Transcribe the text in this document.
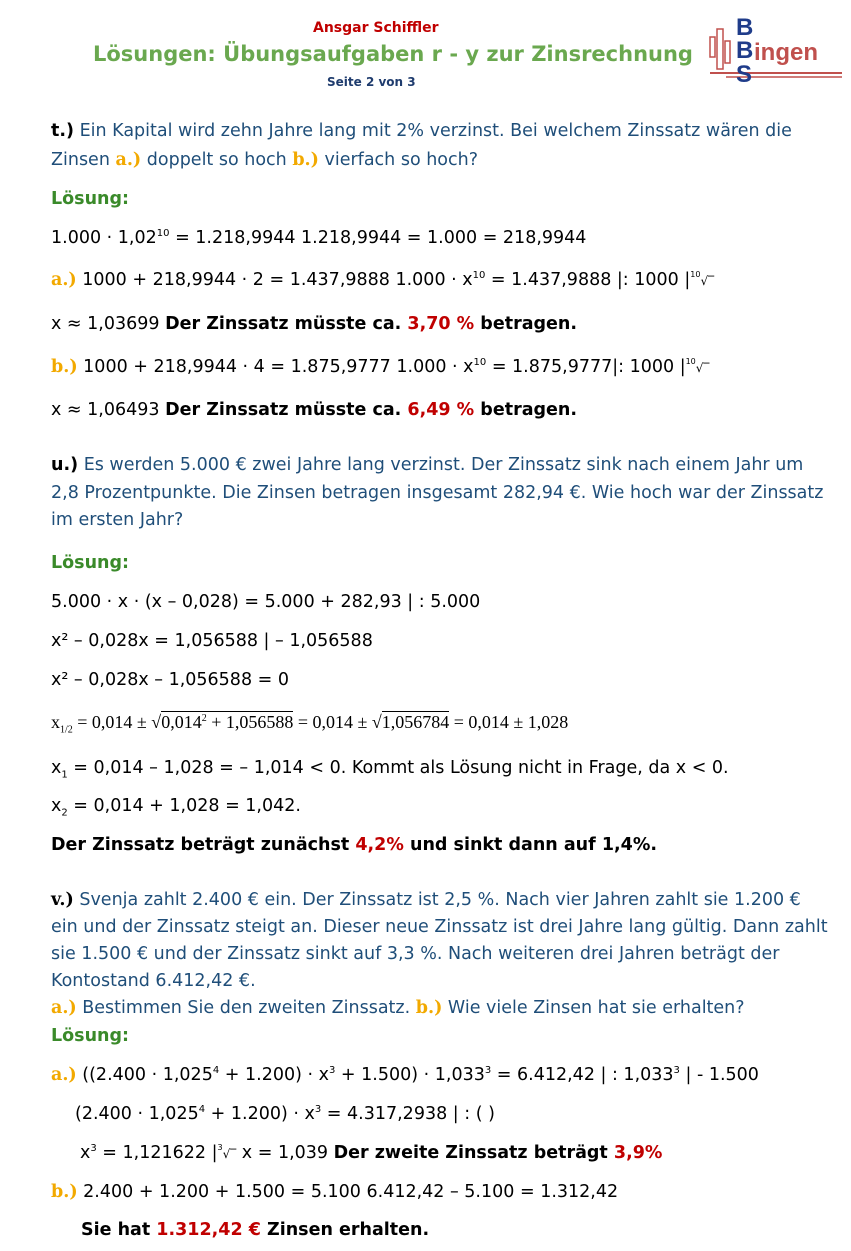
Ansgar Schiffler
Lösungen: Übungsaufgaben r - y zur Zinsrechnung
Seite 2 von 3
B
B
S
ingen
t.) Ein Kapital wird zehn Jahre lang mit 2% verzinst. Bei welchem Zinssatz wären die
Zinsen a.) doppelt so hoch b.) vierfach so hoch?
Lösung:
$1.000 \cdot 1,02^{10} = 1.218,9944$ 1.218,9944 = 1.000 = 218,9944
a.) 1000 + 218,9944 · 2 = 1.437,9888 $1.000 \cdot x^{10} = 1.437,9888$ |: 1000 $|^{10}√‾$
x ≈ 1,03699 Der Zinssatz müsste ca. 3,70 % betragen.
b.) 1000 + 218,9944 · 4 = 1.875,9777 $1.000 \cdot x^{10} = 1.875,9777|$: 1000 $|^{10}√‾$
x ≈ 1,06493 Der Zinssatz müsste ca. 6,49 % betragen.
u.) Es werden 5.000 € zwei Jahre lang verzinst. Der Zinssatz sink nach einem Jahr um
2,8 Prozentpunkte. Die Zinsen betragen insgesamt 282,94 €. Wie hoch war der Zinssatz
im ersten Jahr?
Lösung:
5.000 · x · (x – 0,028) = 5.000 + 282,93 | : 5.000
x² – 0,028x = 1,056588 | – 1,056588
x² – 0,028x – 1,056588 = 0
$x_{1/2} = 0,014 \pm √0,014^2 + 1,056588 = 0,014 \pm √1,056784 = 0,014 \pm 1,028$
$x_1 = 0,014 - 1,028$ = – 1,014 < 0. Kommt als Lösung nicht in Frage, da x < 0.
$x_2 = 0,014 + 1,028 = 1,042$.
Der Zinssatz beträgt zunächst 4,2% und sinkt dann auf 1,4%.
v.) Svenja zahlt 2.400 € ein. Der Zinssatz ist 2,5 %. Nach vier Jahren zahlt sie 1.200 €
ein und der Zinssatz steigt an. Dieser neue Zinssatz ist drei Jahre lang gültig. Dann zahlt
sie 1.500 € und der Zinssatz sinkt auf 3,3 %. Nach weiteren drei Jahren beträgt der
Kontostand 6.412,42 €.
a.) Bestimmen Sie den zweiten Zinssatz. b.) Wie viele Zinsen hat sie erhalten?
Lösung:
a.) $((2.400 \cdot 1,025^4 + 1.200) \cdot x^3 + 1.500) \cdot 1,033^3 = 6.412,42$ | : 1,033$^3$ | - 1.500
$(2.400 \cdot 1,025^4 + 1.200) \cdot x^3 = 4.317,2938$ | : ( )
$x^3 = 1,121622$ $|^3√‾$ x = 1,039 Der zweite Zinssatz beträgt 3,9%
b.) 2.400 + 1.200 + 1.500 = 5.100 6.412,42 – 5.100 = 1.312,42
Sie hat 1.312,42 € Zinsen erhalten.
